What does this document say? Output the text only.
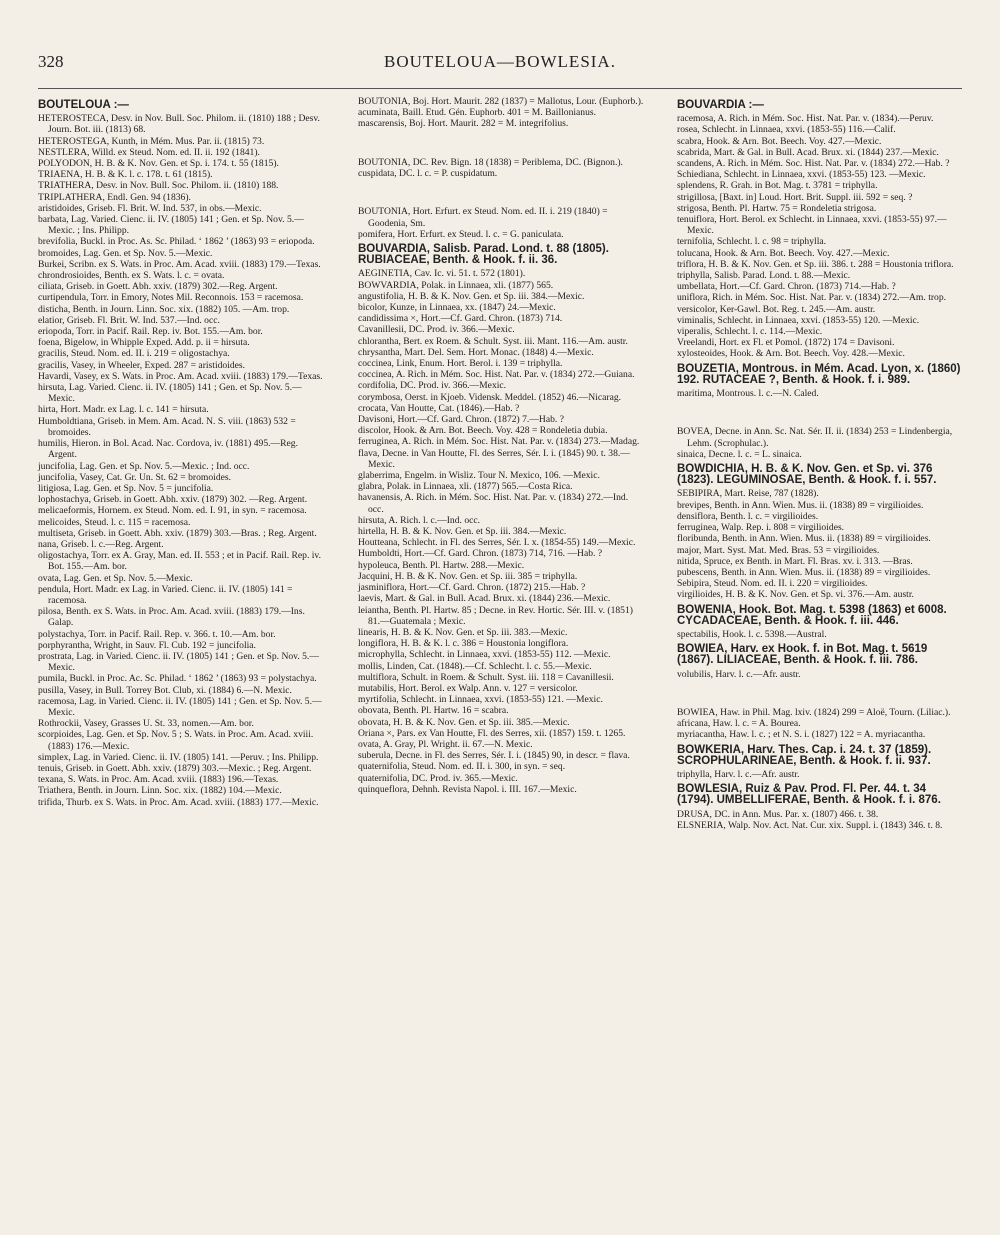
328	BOUTELOUA—BOWLESIA.
BOUTELOUA :—

HETEROSTECA, Desv. in Nov. Bull. Soc. Philom. ii. (1810) 188 ; Desv. Journ. Bot. iii. (1813) 68.

HETEROSTEGA, Kunth, in Mém. Mus. Par. ii. (1815) 73.

NESTLERA, Willd. ex Steud. Nom. ed. II. ii. 192 (1841).

POLYODON, H. B. & K. Nov. Gen. et Sp. i. 174. t. 55 (1815).

TRIAENA, H. B. & K. l. c. 178. t. 61 (1815).

TRIATHERA, Desv. in Nov. Bull. Soc. Philom. ii. (1810) 188.

TRIPLATHERA, Endl. Gen. 94 (1836).

aristidoides, Griseb. Fl. Brit. W. Ind. 537, in obs.—Mexic.

barbata, Lag. Varied. Cienc. ii. IV. (1805) 141 ; Gen. et Sp. Nov. 5.—Mexic. ; Ins. Philipp.

brevifolia, Buckl. in Proc. As. Sc. Philad. ‘ 1862 ’ (1863) 93 = eriopoda.

bromoides, Lag. Gen. et Sp. Nov. 5.—Mexic.

Burkei, Scribn. ex S. Wats. in Proc. Am. Acad. xviii. (1883) 179.—Texas.

chrondrosioides, Benth. ex S. Wats. l. c. = ovata.

ciliata, Griseb. in Goett. Abh. xxiv. (1879) 302.—Reg. Argent.

curtipendula, Torr. in Emory, Notes Mil. Reconnois. 153 = racemosa.

disticha, Benth. in Journ. Linn. Soc. xix. (1882) 105. —Am. trop.

elatior, Griseb. Fl. Brit. W. Ind. 537.—Ind. occ.

eriopoda, Torr. in Pacif. Rail. Rep. iv. Bot. 155.—Am. bor.

foena, Bigelow, in Whipple Exped. Add. p. ii = hirsuta.

gracilis, Steud. Nom. ed. II. i. 219 = oligostachya.

gracilis, Vasey, in Wheeler, Exped. 287 = aristidoides.

Havardi, Vasey, ex S. Wats. in Proc. Am. Acad. xviii. (1883) 179.—Texas.

hirsuta, Lag. Varied. Cienc. ii. IV. (1805) 141 ; Gen. et Sp. Nov. 5.—Mexic.

hirta, Hort. Madr. ex Lag. l. c. 141 = hirsuta.

Humboldtiana, Griseb. in Mem. Am. Acad. N. S. viii. (1863) 532 = bromoides.

humilis, Hieron. in Bol. Acad. Nac. Cordova, iv. (1881) 495.—Reg. Argent.

juncifolia, Lag. Gen. et Sp. Nov. 5.—Mexic. ; Ind. occ.

juncifolia, Vasey, Cat. Gr. Un. St. 62 = bromoides.

litigiosa, Lag. Gen. et Sp. Nov. 5 = juncifolia.

lophostachya, Griseb. in Goett. Abh. xxiv. (1879) 302. —Reg. Argent.

melicaeformis, Hornem. ex Steud. Nom. ed. I. 91, in syn. = racemosa.

melicoides, Steud. l. c. 115 = racemosa.

multiseta, Griseb. in Goett. Abh. xxiv. (1879) 303.—Bras. ; Reg. Argent.

nana, Griseb. l. c.—Reg. Argent.

oligostachya, Torr. ex A. Gray, Man. ed. II. 553 ; et in Pacif. Rail. Rep. iv. Bot. 155.—Am. bor.

ovata, Lag. Gen. et Sp. Nov. 5.—Mexic.

pendula, Hort. Madr. ex Lag. in Varied. Cienc. ii. IV. (1805) 141 = racemosa.

pilosa, Benth. ex S. Wats. in Proc. Am. Acad. xviii. (1883) 179.—Ins. Galap.

polystachya, Torr. in Pacif. Rail. Rep. v. 366. t. 10.—Am. bor.

porphyrantha, Wright, in Sauv. Fl. Cub. 192 = juncifolia.

prostrata, Lag. in Varied. Cienc. ii. IV. (1805) 141 ; Gen. et Sp. Nov. 5.—Mexic.

pumila, Buckl. in Proc. Ac. Sc. Philad. ‘ 1862 ’ (1863) 93 = polystachya.

pusilla, Vasey, in Bull. Torrey Bot. Club, xi. (1884) 6.—N. Mexic.

racemosa, Lag. in Varied. Cienc. ii. IV. (1805) 141 ; Gen. et Sp. Nov. 5.—Mexic.

Rothrockii, Vasey, Grasses U. St. 33, nomen.—Am. bor.

scorpioides, Lag. Gen. et Sp. Nov. 5 ; S. Wats. in Proc. Am. Acad. xviii. (1883) 176.—Mexic.

simplex, Lag. in Varied. Cienc. ii. IV. (1805) 141. —Peruv. ; Ins. Philipp.

tenuis, Griseb. in Goett. Abh. xxiv. (1879) 303.—Mexic. ; Reg. Argent.

texana, S. Wats. in Proc. Am. Acad. xviii. (1883) 196.—Texas.

Triathera, Benth. in Journ. Linn. Soc. xix. (1882) 104.—Mexic.

trifida, Thurb. ex S. Wats. in Proc. Am. Acad. xviii. (1883) 177.—Mexic.

BOUTONIA, Boj. Hort. Maurit. 282 (1837) = Mallotus, Lour. (Euphorb.).

acuminata, Baill. Etud. Gén. Euphorb. 401 = M. Baillonianus.

mascarensis, Boj. Hort. Maurit. 282 = M. integrifolius.

BOUTONIA, DC. Rev. Bign. 18 (1838) = Periblema, DC. (Bignon.).

cuspidata, DC. l. c. = P. cuspidatum.

BOUTONIA, Hort. Erfurt. ex Steud. Nom. ed. II. i. 219 (1840) = Goodenia, Sm.

pomifera, Hort. Erfurt. ex Steud. l. c. = G. paniculata.

BOUVARDIA, Salisb. Parad. Lond. t. 88 (1805). RUBIACEAE, Benth. & Hook. f. ii. 36.

AEGINETIA, Cav. Ic. vi. 51. t. 572 (1801).

BOWVARDIA, Polak. in Linnaea, xli. (1877) 565.

angustifolia, H. B. & K. Nov. Gen. et Sp. iii. 384.—Mexic.

bicolor, Kunze, in Linnaea, xx. (1847) 24.—Mexic.

candidissima ×, Hort.—Cf. Gard. Chron. (1873) 714.

Cavanillesii, DC. Prod. iv. 366.—Mexic.

chlorantha, Bert. ex Roem. & Schult. Syst. iii. Mant. 116.—Am. austr.

chrysantha, Mart. Del. Sem. Hort. Monac. (1848) 4.—Mexic.

coccinea, Link, Enum. Hort. Berol. i. 139 = triphylla.

coccinea, A. Rich. in Mém. Soc. Hist. Nat. Par. v. (1834) 272.—Guiana.

cordifolia, DC. Prod. iv. 366.—Mexic.

corymbosa, Oerst. in Kjoeb. Vidensk. Meddel. (1852) 46.—Nicarag.

crocata, Van Houtte, Cat. (1846).—Hab. ?

Davisoni, Hort.—Cf. Gard. Chron. (1872) 7.—Hab. ?

discolor, Hook. & Arn. Bot. Beech. Voy. 428 = Rondeletia dubia.

ferruginea, A. Rich. in Mém. Soc. Hist. Nat. Par. v. (1834) 273.—Madag.

flava, Decne. in Van Houtte, Fl. des Serres, Sér. I. i. (1845) 90. t. 38.—Mexic.

glaberrima, Engelm. in Wisliz. Tour N. Mexico, 106. —Mexic.

glabra, Polak. in Linnaea, xli. (1877) 565.—Costa Rica.

havanensis, A. Rich. in Mém. Soc. Hist. Nat. Par. v. (1834) 272.—Ind. occ.

hirsuta, A. Rich. l. c.—Ind. occ.

hirtella, H. B. & K. Nov. Gen. et Sp. iii. 384.—Mexic.

Houtteana, Schlecht. in Fl. des Serres, Sér. I. x. (1854-55) 149.—Mexic.

Humboldti, Hort.—Cf. Gard. Chron. (1873) 714, 716. —Hab. ?

hypoleuca, Benth. Pl. Hartw. 288.—Mexic.

Jacquini, H. B. & K. Nov. Gen. et Sp. iii. 385 = triphylla.

jasminiflora, Hort.—Cf. Gard. Chron. (1872) 215.—Hab. ?

laevis, Mart. & Gal. in Bull. Acad. Brux. xi. (1844) 236.—Mexic.

leiantha, Benth. Pl. Hartw. 85 ; Decne. in Rev. Hortic. Sér. III. v. (1851) 81.—Guatemala ; Mexic.

linearis, H. B. & K. Nov. Gen. et Sp. iii. 383.—Mexic.

longiflora, H. B. & K. l. c. 386 = Houstonia longiflora.

microphylla, Schlecht. in Linnaea, xxvi. (1853-55) 112. —Mexic.

mollis, Linden, Cat. (1848).—Cf. Schlecht. l. c. 55.—Mexic.

multiflora, Schult. in Roem. & Schult. Syst. iii. 118 = Cavanillesii.

mutabilis, Hort. Berol. ex Walp. Ann. v. 127 = versicolor.

myrtifolia, Schlecht. in Linnaea, xxvi. (1853-55) 121. —Mexic.

obovata, Benth. Pl. Hartw. 16 = scabra.

obovata, H. B. & K. Nov. Gen. et Sp. iii. 385.—Mexic.

Oriana ×, Pars. ex Van Houtte, Fl. des Serres, xii. (1857) 159. t. 1265.

ovata, A. Gray, Pl. Wright. ii. 67.—N. Mexic.

suberula, Decne. in Fl. des Serres, Sér. I. i. (1845) 90, in descr. = flava.

quaternifolia, Steud. Nom. ed. II. i. 300, in syn. = seq.

quaternifolia, DC. Prod. iv. 365.—Mexic.

quinqueflora, Dehnh. Revista Napol. i. III. 167.—Mexic.

BOUVARDIA :—

racemosa, A. Rich. in Mém. Soc. Hist. Nat. Par. v. (1834).—Peruv.

rosea, Schlecht. in Linnaea, xxvi. (1853-55) 116.—Calif.

scabra, Hook. & Arn. Bot. Beech. Voy. 427.—Mexic.

scabrida, Mart. & Gal. in Bull. Acad. Brux. xi. (1844) 237.—Mexic.

scandens, A. Rich. in Mém. Soc. Hist. Nat. Par. v. (1834) 272.—Hab. ?

Schiediana, Schlecht. in Linnaea, xxvi. (1853-55) 123. —Mexic.

splendens, R. Grah. in Bot. Mag. t. 3781 = triphylla.

strigillosa, [Baxt. in] Loud. Hort. Brit. Suppl. iii. 592 = seq. ?

strigosa, Benth. Pl. Hartw. 75 = Rondeletia strigosa.

tenuiflora, Hort. Berol. ex Schlecht. in Linnaea, xxvi. (1853-55) 97.—Mexic.

ternifolia, Schlecht. l. c. 98 = triphylla.

tolucana, Hook. & Arn. Bot. Beech. Voy. 427.—Mexic.

triflora, H. B. & K. Nov. Gen. et Sp. iii. 386. t. 288 = Houstonia triflora.

triphylla, Salisb. Parad. Lond. t. 88.—Mexic.

umbellata, Hort.—Cf. Gard. Chron. (1873) 714.—Hab. ?

uniflora, Rich. in Mém. Soc. Hist. Nat. Par. v. (1834) 272.—Am. trop.

versicolor, Ker-Gawl. Bot. Reg. t. 245.—Am. austr.

viminalis, Schlecht. in Linnaea, xxvi. (1853-55) 120. —Mexic.

viperalis, Schlecht. l. c. 114.—Mexic.

Vreelandi, Hort. ex Fl. et Pomol. (1872) 174 = Davisoni.

xylosteoides, Hook. & Arn. Bot. Beech. Voy. 428.—Mexic.

BOUZETIA, Montrous. in Mém. Acad. Lyon, x. (1860) 192. RUTACEAE ?, Benth. & Hook. f. i. 989.

maritima, Montrous. l. c.—N. Caled.

BOVEA, Decne. in Ann. Sc. Nat. Sér. II. ii. (1834) 253 = Lindenbergia, Lehm. (Scrophulac.).

sinaica, Decne. l. c. = L. sinaica.

BOWDICHIA, H. B. & K. Nov. Gen. et Sp. vi. 376 (1823). LEGUMINOSAE, Benth. & Hook. f. i. 557.

SEBIPIRA, Mart. Reise, 787 (1828).

brevipes, Benth. in Ann. Wien. Mus. ii. (1838) 89 = virgilioides.

densiflora, Benth. l. c. = virgilioides.

ferruginea, Walp. Rep. i. 808 = virgilioides.

floribunda, Benth. in Ann. Wien. Mus. ii. (1838) 89 = virgilioides.

major, Mart. Syst. Mat. Med. Bras. 53 = virgilioides.

nitida, Spruce, ex Benth. in Mart. Fl. Bras. xv. i. 313. —Bras.

pubescens, Benth. in Ann. Wien. Mus. ii. (1838) 89 = virgilioides.

Sebipira, Steud. Nom. ed. II. i. 220 = virgilioides.

virgilioides, H. B. & K. Nov. Gen. et Sp. vi. 376.—Am. austr.

BOWENIA, Hook. Bot. Mag. t. 5398 (1863) et 6008. CYCADACEAE, Benth. & Hook. f. iii. 446.

spectabilis, Hook. l. c. 5398.—Austral.

BOWIEA, Harv. ex Hook. f. in Bot. Mag. t. 5619 (1867). LILIACEAE, Benth. & Hook. f. iii. 786.

volubilis, Harv. l. c.—Afr. austr.

BOWIEA, Haw. in Phil. Mag. lxiv. (1824) 299 = Aloë, Tourn. (Liliac.).

africana, Haw. l. c. = A. Bourea.

myriacantha, Haw. l. c. ; et N. S. i. (1827) 122 = A. myriacantha.

BOWKERIA, Harv. Thes. Cap. i. 24. t. 37 (1859). SCROPHULARINEAE, Benth. & Hook. f. ii. 937.

triphylla, Harv. l. c.—Afr. austr.

BOWLESIA, Ruiz & Pav. Prod. Fl. Per. 44. t. 34 (1794). UMBELLIFERAE, Benth. & Hook. f. i. 876.

DRUSA, DC. in Ann. Mus. Par. x. (1807) 466. t. 38.

ELSNERIA, Walp. Nov. Act. Nat. Cur. xix. Suppl. i. (1843) 346. t. 8.
